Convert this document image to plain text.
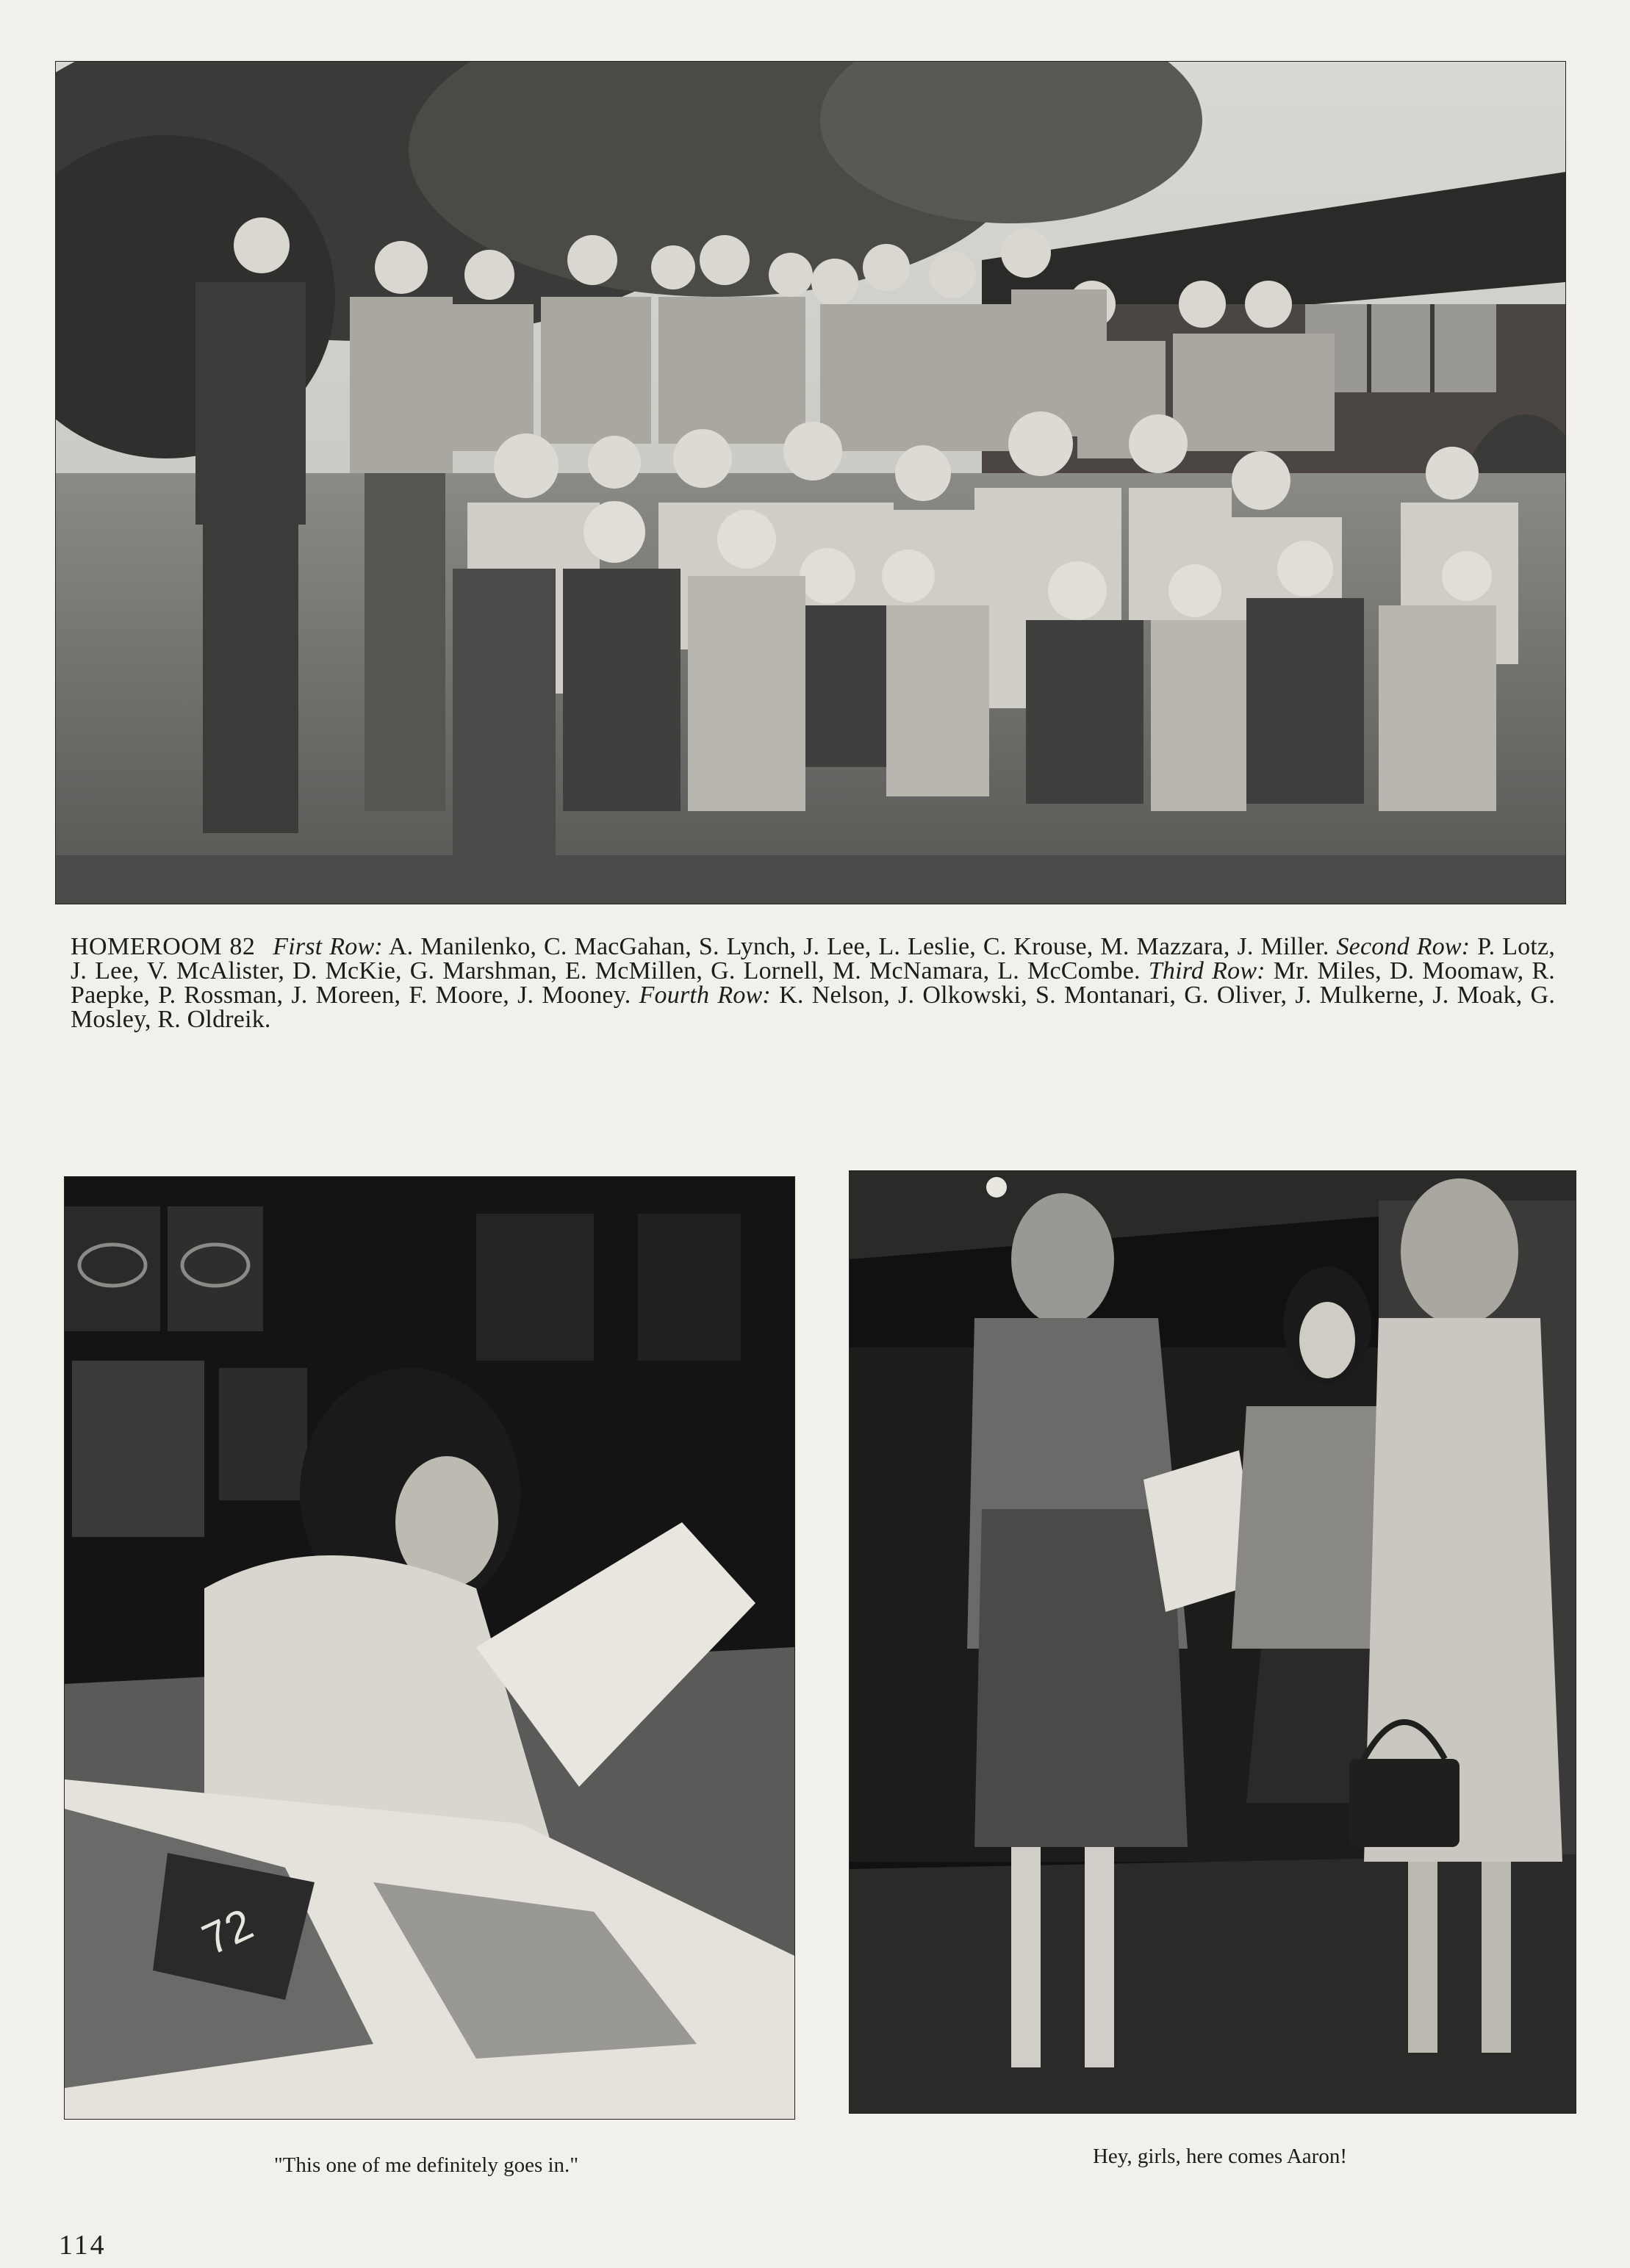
HOMEROOM 82 First Row: A. Manilenko, C. MacGahan, S. Lynch, J. Lee, L. Leslie, C. Krouse, M. Mazzara, J. Miller. Second Row: P. Lotz, J. Lee, V. McAlister, D. McKie, G. Marshman, E. McMillen, G. Lornell, M. McNamara, L. McCombe. Third Row: Mr. Miles, D. Moomaw, R. Paepke, P. Rossman, J. Moreen, F. Moore, J. Mooney. Fourth Row: K. Nelson, J. Olkowski, S. Montanari, G. Oliver, J. Mulkerne, J. Moak, G. Mosley, R. Oldreik.

72
"This one of me definitely goes in."	Hey, girls, here comes Aaron!
114
